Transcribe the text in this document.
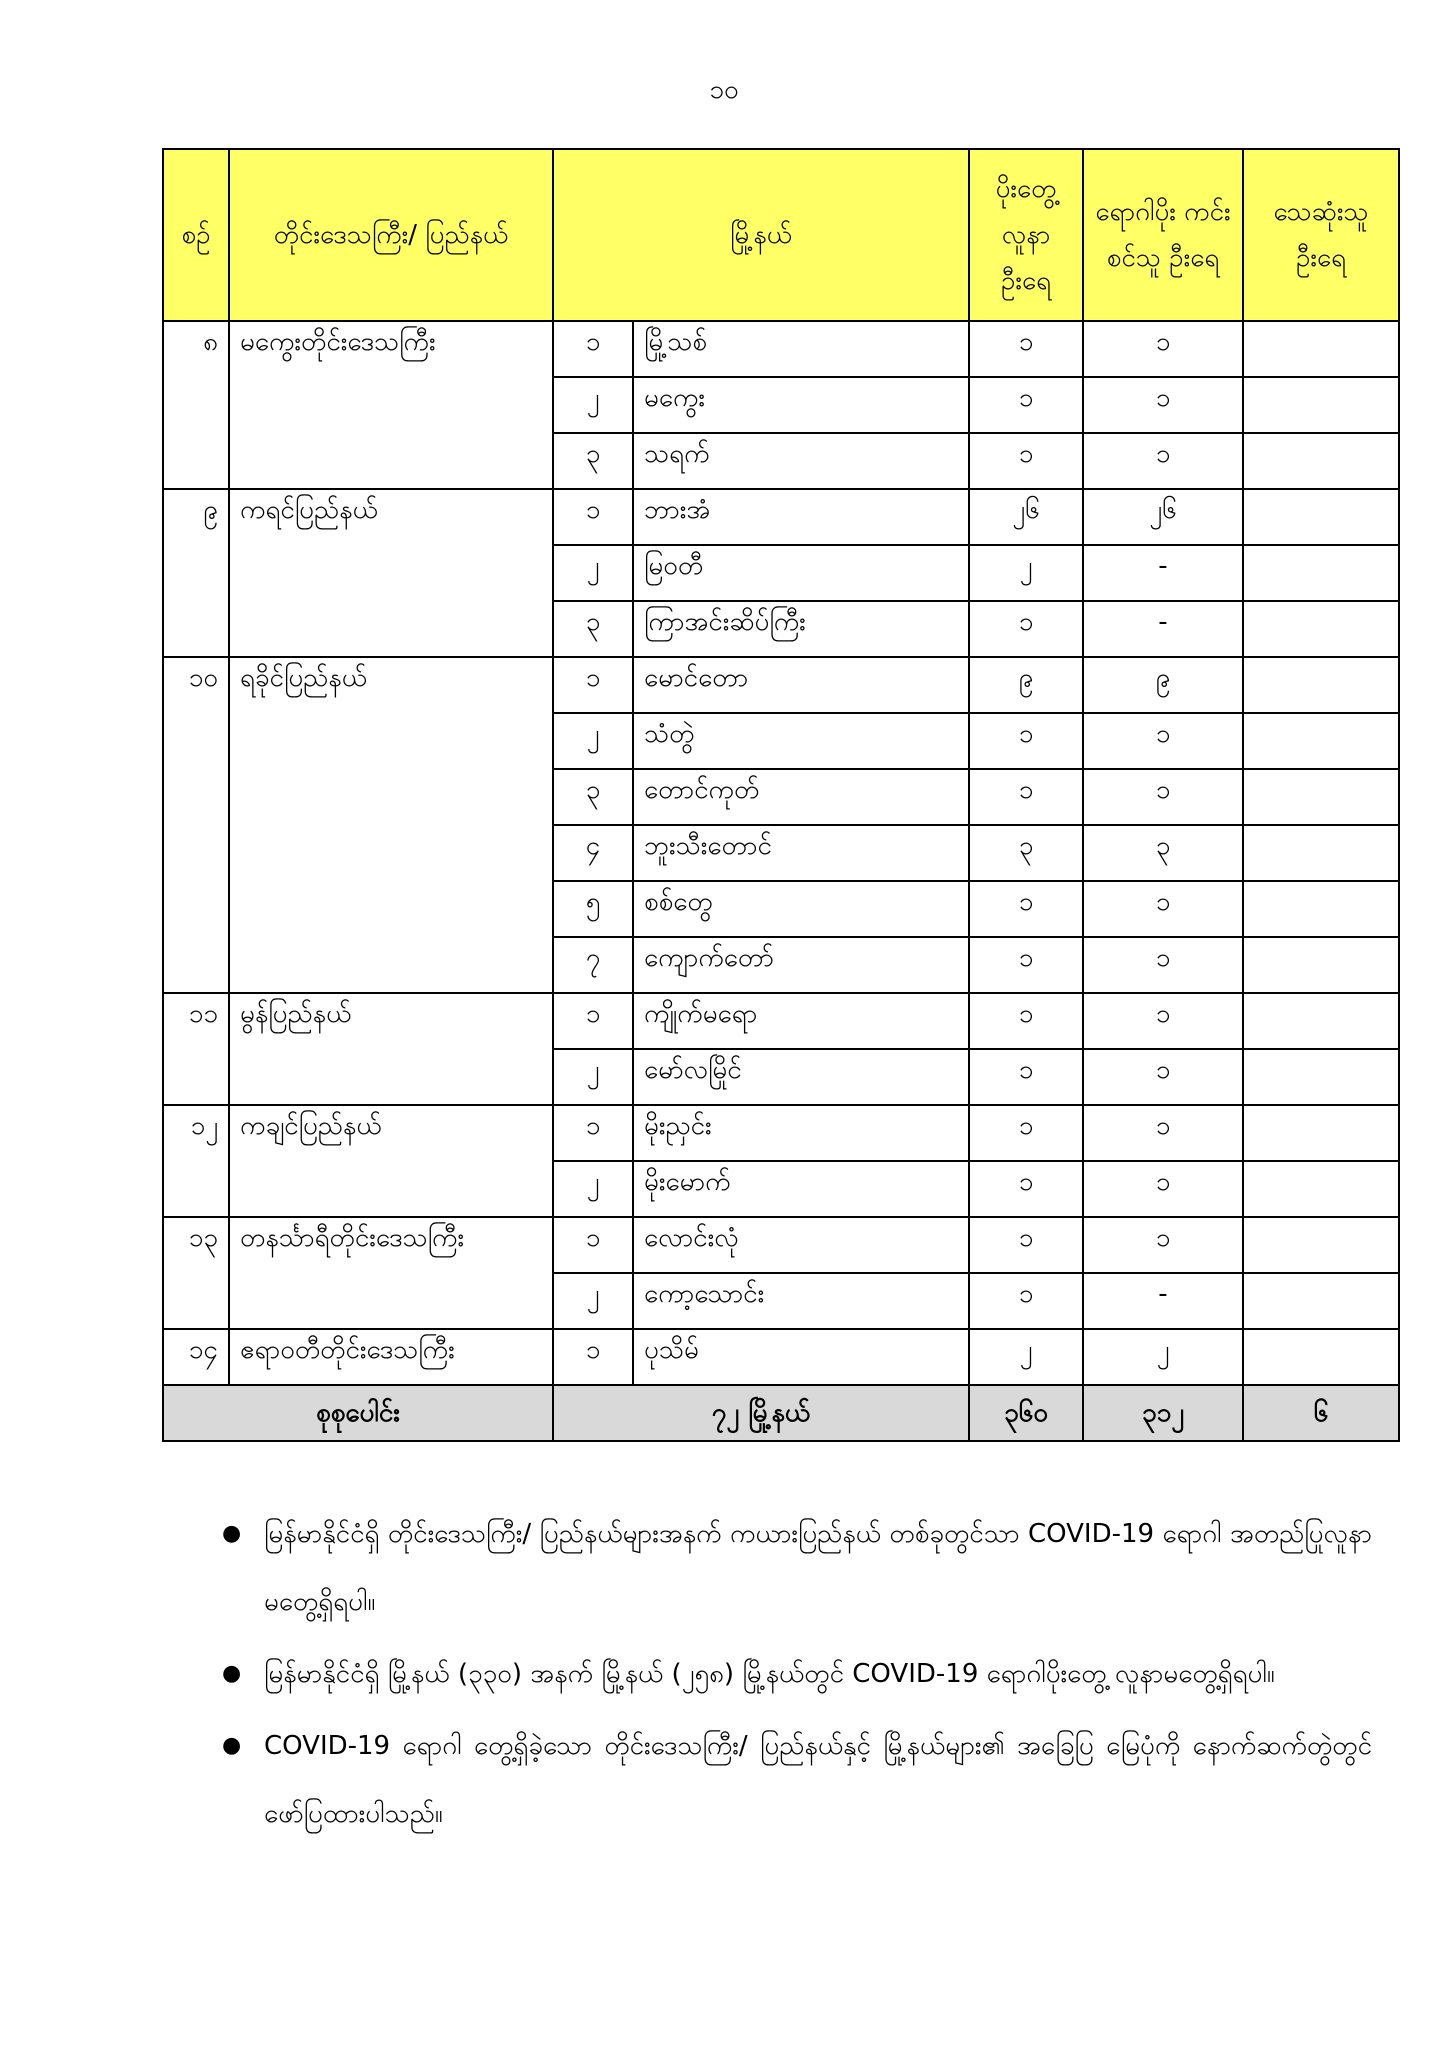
၁၀
စဉ်	တိုင်းဒေသကြီး/ ပြည်နယ်	မြို့နယ်		ပိုးတွေ့ လူနာ ဦးရေ	ရောဂါပိုး ကင်းစင်သူ ဦးရေ	သေဆုံးသူ ဦးရေ
၈	မကွေးတိုင်းဒေသကြီး	၁	မြို့သစ်	၁	၁	
		၂	မကွေး	၁	၁	
		၃	သရက်	၁	၁	
၉	ကရင်ပြည်နယ်	၁	ဘားအံ	၂၆	၂၆	
		၂	မြဝတီ	၂	-	
		၃	ကြာအင်းဆိပ်ကြီး	၁	-	
၁၀	ရခိုင်ပြည်နယ်	၁	မောင်တော	၉	၉	
		၂	သံတွဲ	၁	၁	
		၃	တောင်ကုတ်	၁	၁	
		၄	ဘူးသီးတောင်	၃	၃	
		၅	စစ်တွေ	၁	၁	
		၇	ကျောက်တော်	၁	၁	
၁၁	မွန်ပြည်နယ်	၁	ကျိုက်မရော	၁	၁	
		၂	မော်လမြိုင်	၁	၁	
၁၂	ကချင်ပြည်နယ်	၁	မိုးညှင်း	၁	၁	
		၂	မိုးမောက်	၁	၁	
၁၃	တနင်္သာရီတိုင်းဒေသကြီး	၁	လောင်းလုံ	၁	၁	
		၂	ကော့သောင်း	၁	-	
၁၄	ဧရာဝတီတိုင်းဒေသကြီး	၁	ပုသိမ်	၂	၂	
စုစုပေါင်း		၇၂ မြို့နယ်		၃၆၀	၃၁၂	၆
● မြန်မာနိုင်ငံရှိ တိုင်းဒေသကြီး/ ပြည်နယ်များအနက် ကယားပြည်နယ် တစ်ခုတွင်သာ COVID-19 ရောဂါ အတည်ပြုလူနာ မတွေ့ရှိရပါ။
● မြန်မာနိုင်ငံရှိ မြို့နယ် (၃၃၀) အနက် မြို့နယ် (၂၅၈) မြို့နယ်တွင် COVID-19 ရောဂါပိုးတွေ့ လူနာမတွေ့ရှိရပါ။
● COVID-19 ရောဂါ တွေ့ရှိခဲ့သော တိုင်းဒေသကြီး/ ပြည်နယ်နှင့် မြို့နယ်များ၏ အခြေပြ မြေပုံကို နောက်ဆက်တွဲတွင် ဖော်ပြထားပါသည်။
